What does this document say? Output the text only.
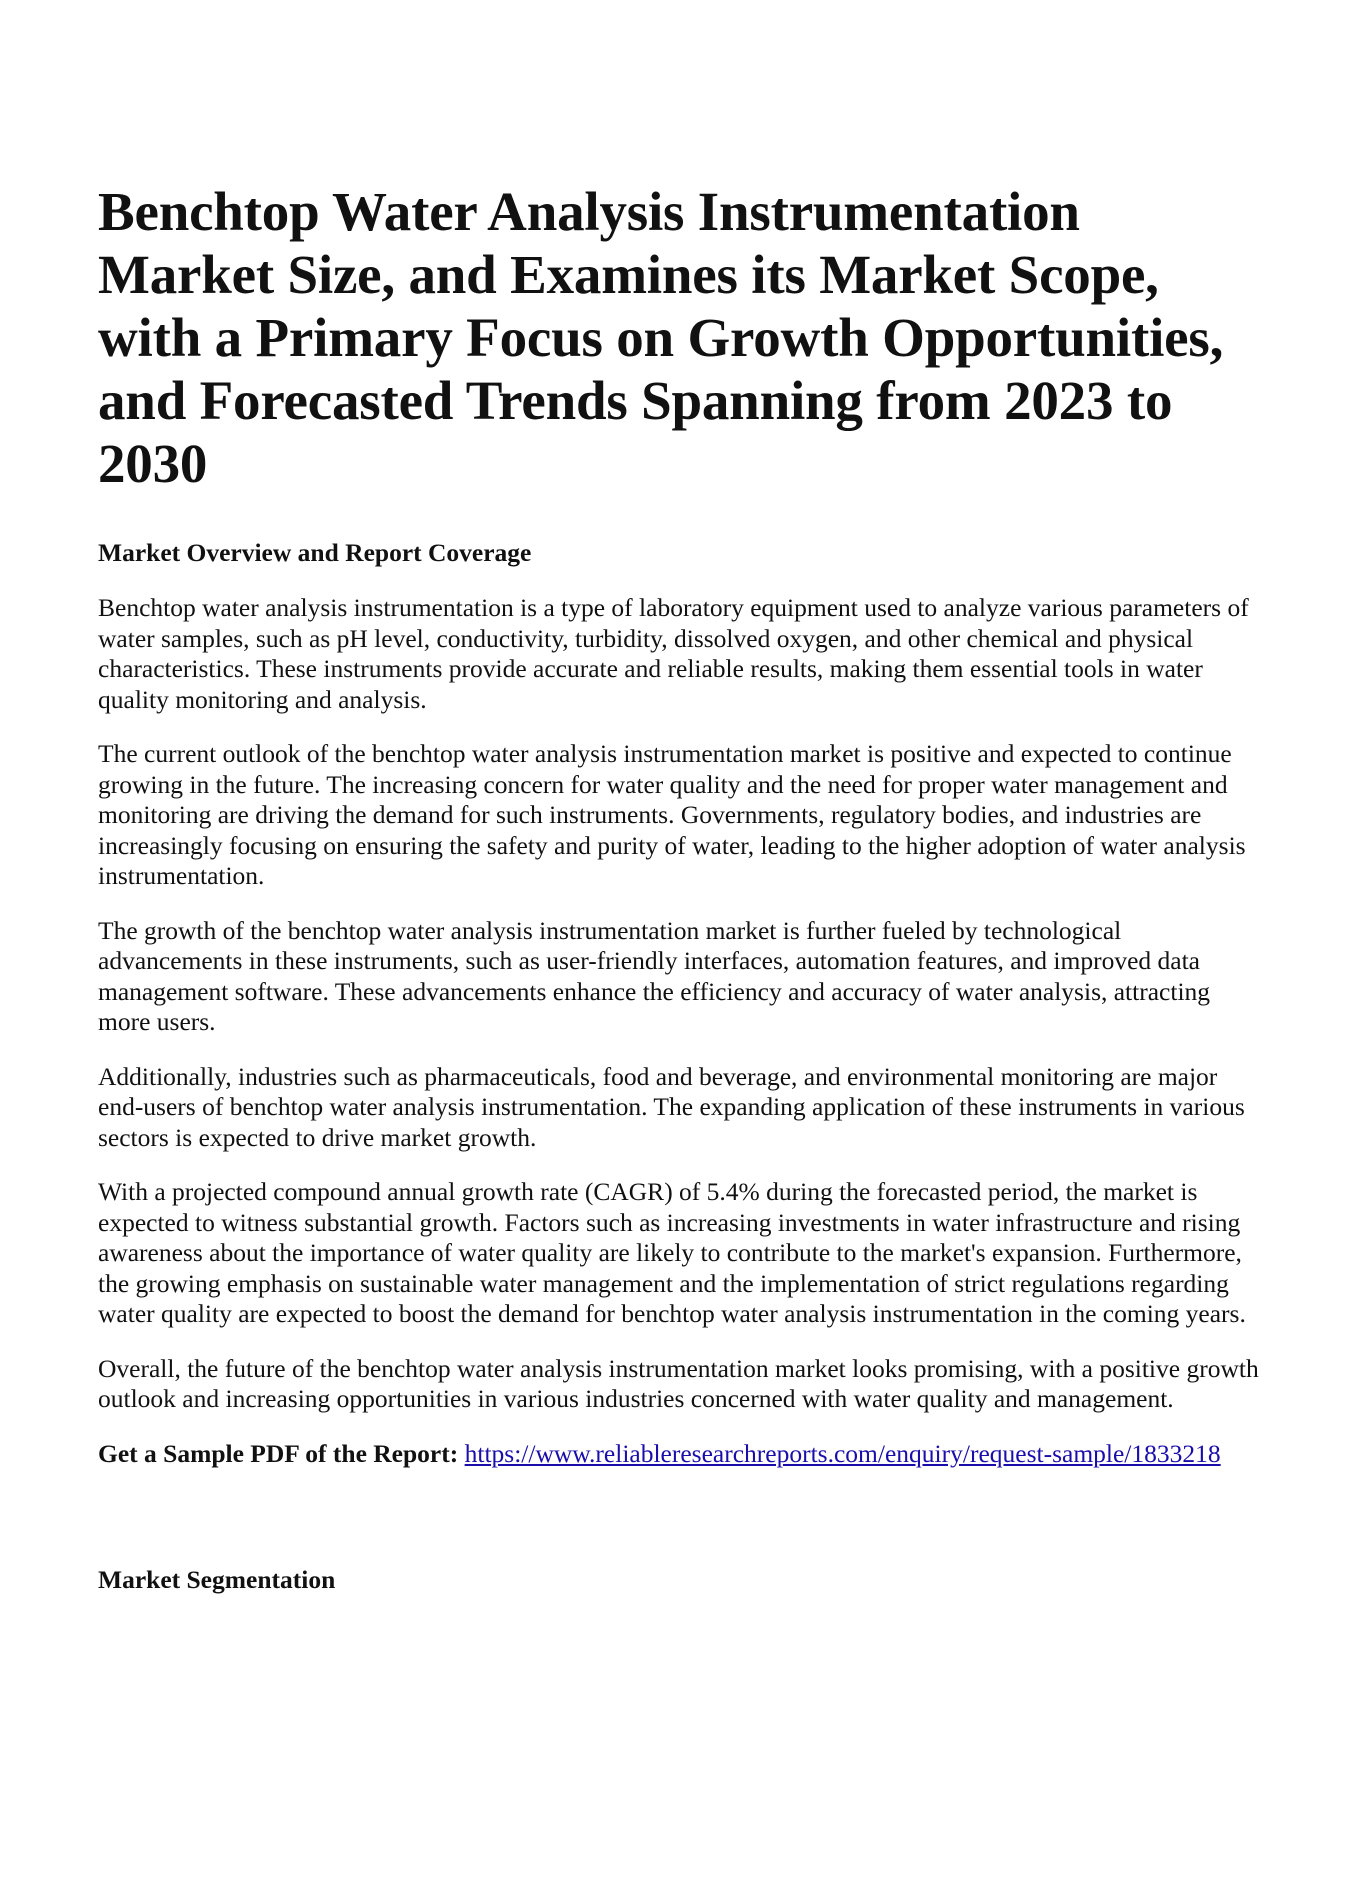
Benchtop Water Analysis Instrumentation Market Size, and Examines its Market Scope, with a Primary Focus on Growth Opportunities, and Forecasted Trends Spanning from 2023 to 2030
Market Overview and Report Coverage

Benchtop water analysis instrumentation is a type of laboratory equipment used to analyze various parameters of water samples, such as pH level, conductivity, turbidity, dissolved oxygen, and other chemical and physical characteristics. These instruments provide accurate and reliable results, making them essential tools in water quality monitoring and analysis.

The current outlook of the benchtop water analysis instrumentation market is positive and expected to continue growing in the future. The increasing concern for water quality and the need for proper water management and monitoring are driving the demand for such instruments. Governments, regulatory bodies, and industries are increasingly focusing on ensuring the safety and purity of water, leading to the higher adoption of water analysis instrumentation.

The growth of the benchtop water analysis instrumentation market is further fueled by technological advancements in these instruments, such as user-friendly interfaces, automation features, and improved data management software. These advancements enhance the efficiency and accuracy of water analysis, attracting more users.

Additionally, industries such as pharmaceuticals, food and beverage, and environmental monitoring are major end-users of benchtop water analysis instrumentation. The expanding application of these instruments in various sectors is expected to drive market growth.

With a projected compound annual growth rate (CAGR) of 5.4% during the forecasted period, the market is expected to witness substantial growth. Factors such as increasing investments in water infrastructure and rising awareness about the importance of water quality are likely to contribute to the market's expansion. Furthermore, the growing emphasis on sustainable water management and the implementation of strict regulations regarding water quality are expected to boost the demand for benchtop water analysis instrumentation in the coming years.

Overall, the future of the benchtop water analysis instrumentation market looks promising, with a positive growth outlook and increasing opportunities in various industries concerned with water quality and management.

Get a Sample PDF of the Report: https://www.reliableresearchreports.com/enquiry/request-sample/1833218

Market Segmentation
